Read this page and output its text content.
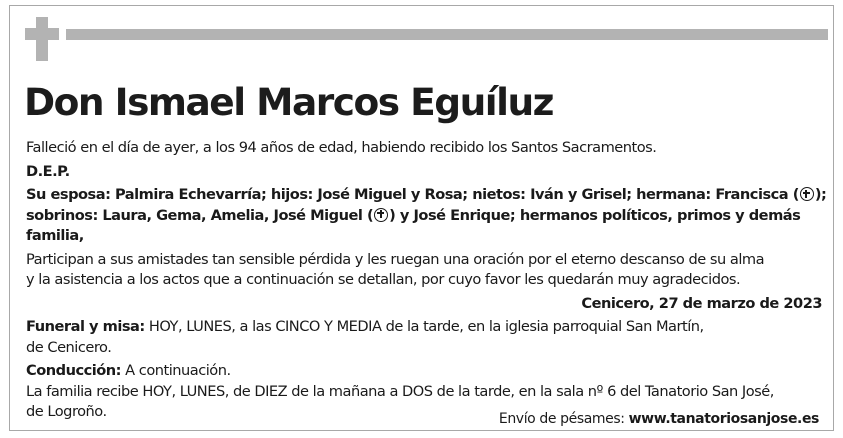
Don Ismael Marcos Eguíluz

Falleció en el día de ayer, a los 94 años de edad, habiendo recibido los Santos Sacramentos.

D.E.P.

Su esposa: Palmira Echevarría; hijos: José Miguel y Rosa; nietos: Iván y Grisel; hermana: Francisca ( );

sobrinos: Laura, Gema, Amelia, José Miguel ( ) y José Enrique; hermanos políticos, primos y demás

familia,

Participan a sus amistades tan sensible pérdida y les ruegan una oración por el eterno descanso de su alma

y la asistencia a los actos que a continuación se detallan, por cuyo favor les quedarán muy agradecidos.

Cenicero, 27 de marzo de 2023

Funeral y misa: HOY, LUNES, a las CINCO Y MEDIA de la tarde, en la iglesia parroquial San Martín,

de Cenicero.

Conducción: A continuación.

La familia recibe HOY, LUNES, de DIEZ de la mañana a DOS de la tarde, en la sala nº 6 del Tanatorio San José,

de Logroño.	Envío de pésames: www.tanatoriosanjose.es
